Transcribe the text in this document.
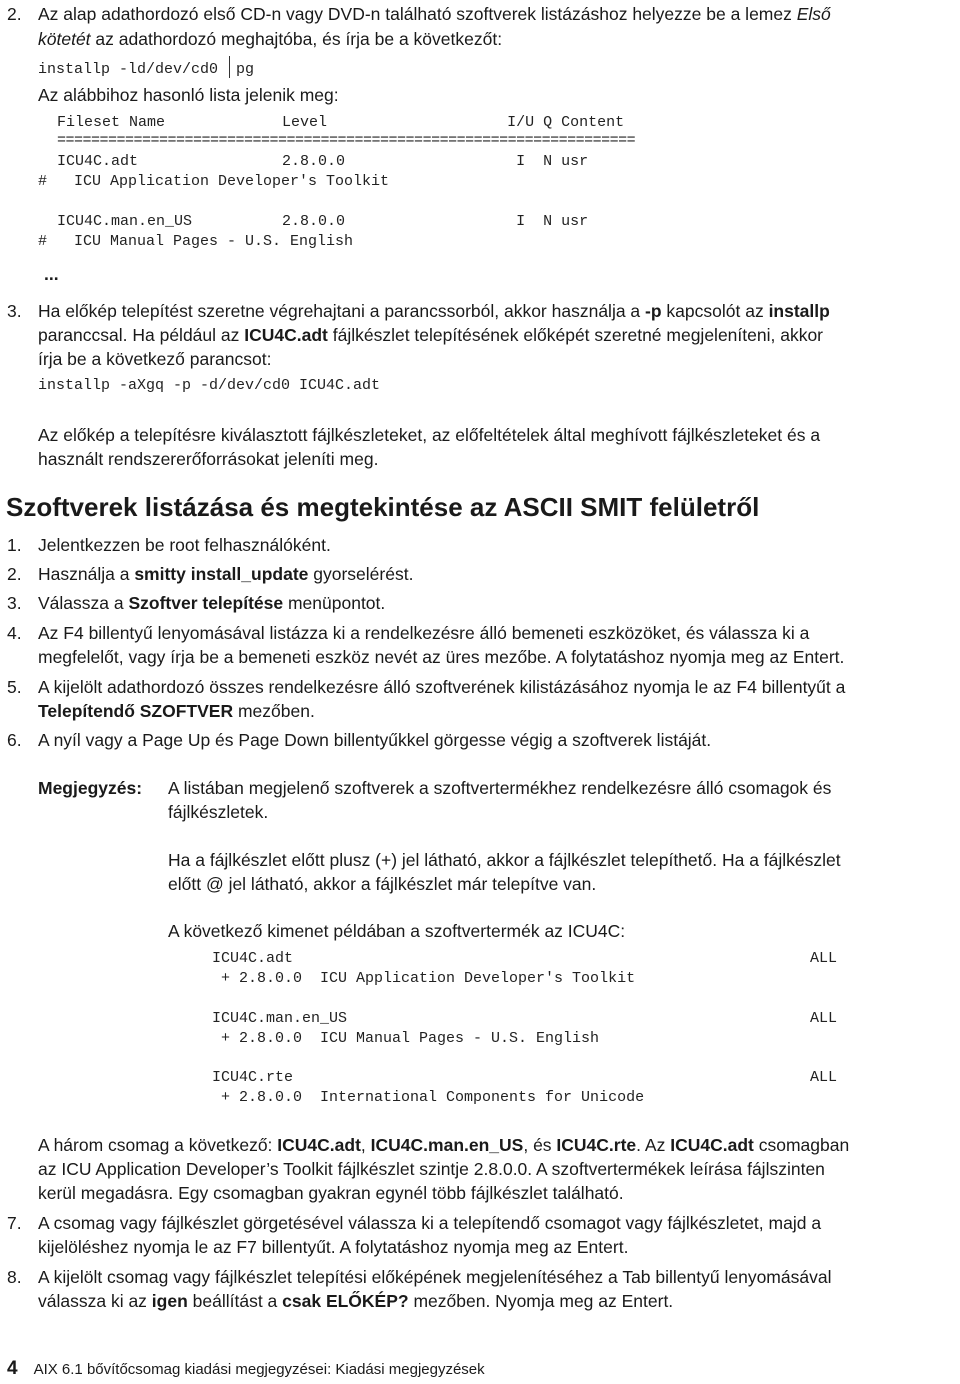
2. Az alap adathordozó első CD-n vagy DVD-n található szoftverek listázáshoz helyezze be a lemez Első
kötetét az adathordozó meghajtóba, és írja be a következőt:
installp -ld/dev/cd0 pg
Az alábbihoz hasonló lista jelenik meg:
Fileset Name             Level                    I/U Q Content
====================================================================
ICU4C.adt                2.8.0.0                   I  N usr
#   ICU Application Developer's Toolkit
ICU4C.man.en_US          2.8.0.0                   I  N usr
#   ICU Manual Pages - U.S. English
...
3. Ha előkép telepítést szeretne végrehajtani a parancssorból, akkor használja a -p kapcsolót az installp
paranccsal. Ha például az ICU4C.adt fájlkészlet telepítésének előképét szeretné megjeleníteni, akkor
írja be a következő parancsot:
installp -aXgq -p -d/dev/cd0 ICU4C.adt
Az előkép a telepítésre kiválasztott fájlkészleteket, az előfeltételek által meghívott fájlkészleteket és a
használt rendszererőforrásokat jeleníti meg.
Szoftverek listázása és megtekintése az ASCII SMIT felületről
1. Jelentkezzen be root felhasználóként.
2. Használja a smitty install_update gyorselérést.
3. Válassza a Szoftver telepítése menüpontot.
4. Az F4 billentyű lenyomásával listázza ki a rendelkezésre álló bemeneti eszközöket, és válassza ki a
megfelelőt, vagy írja be a bemeneti eszköz nevét az üres mezőbe. A folytatáshoz nyomja meg az Entert.
5. A kijelölt adathordozó összes rendelkezésre álló szoftverének kilistázásához nyomja le az F4 billentyűt a
Telepítendő SZOFTVER mezőben.
6. A nyíl vagy a Page Up és Page Down billentyűkkel görgesse végig a szoftverek listáját.
Megjegyzés: A listában megjelenő szoftverek a szoftvertermékhez rendelkezésre álló csomagok és
fájlkészletek.
Ha a fájlkészlet előtt plusz (+) jel látható, akkor a fájlkészlet telepíthető. Ha a fájlkészlet
előtt @ jel látható, akkor a fájlkészlet már telepítve van.
A következő kimenet példában a szoftvertermék az ICU4C:
ICU4C.adt	ALL
+ 2.8.0.0  ICU Application Developer's Toolkit
ICU4C.man.en_US	ALL
+ 2.8.0.0  ICU Manual Pages - U.S. English
ICU4C.rte	ALL
+ 2.8.0.0  International Components for Unicode
A három csomag a következő: ICU4C.adt, ICU4C.man.en_US, és ICU4C.rte. Az ICU4C.adt csomagban
az ICU Application Developer’s Toolkit fájlkészlet szintje 2.8.0.0. A szoftvertermékek leírása fájlszinten
kerül megadásra. Egy csomagban gyakran egynél több fájlkészlet található.
7. A csomag vagy fájlkészlet görgetésével válassza ki a telepítendő csomagot vagy fájlkészletet, majd a
kijelöléshez nyomja le az F7 billentyűt. A folytatáshoz nyomja meg az Entert.
8. A kijelölt csomag vagy fájlkészlet telepítési előképének megjelenítéséhez a Tab billentyű lenyomásával
válassza ki az igen beállítást a csak ELŐKÉP? mezőben. Nyomja meg az Entert.
4 AIX 6.1 bővítőcsomag kiadási megjegyzései: Kiadási megjegyzések
